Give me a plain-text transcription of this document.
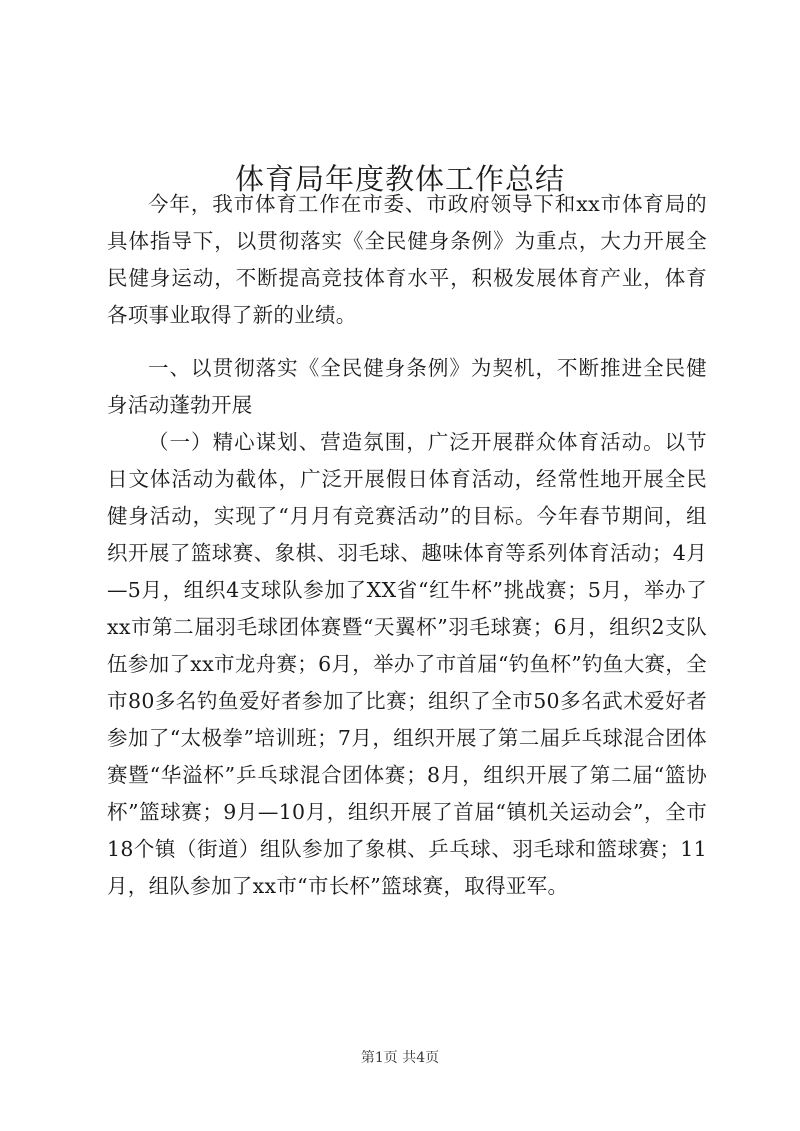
体育局年度教体工作总结

今年，我市体育工作在市委、市政府领导下和xx市体育局的具体指导下，以贯彻落实《全民健身条例》为重点，大力开展全民健身运动，不断提高竞技体育水平，积极发展体育产业，体育各项事业取得了新的业绩。

一、以贯彻落实《全民健身条例》为契机，不断推进全民健身活动蓬勃开展

（一）精心谋划、营造氛围，广泛开展群众体育活动。以节日文体活动为截体，广泛开展假日体育活动，经常性地开展全民健身活动，实现了“月月有竞赛活动”的目标。今年春节期间，组织开展了篮球赛、象棋、羽毛球、趣味体育等系列体育活动；4月—5月，组织4支球队参加了XX省“红牛杯”挑战赛；5月，举办了xx市第二届羽毛球团体赛暨“天翼杯”羽毛球赛；6月，组织2支队伍参加了xx市龙舟赛；6月，举办了市首届“钓鱼杯”钓鱼大赛，全市80多名钓鱼爱好者参加了比赛；组织了全市50多名武术爱好者参加了“太极拳”培训班；7月，组织开展了第二届乒乓球混合团体赛暨“华溢杯”乒乓球混合团体赛；8月，组织开展了第二届“篮协杯”篮球赛；9月—10月，组织开展了首届“镇机关运动会”，全市18个镇（街道）组队参加了象棋、乒乓球、羽毛球和篮球赛；11月，组队参加了xx市“市长杯”篮球赛，取得亚军。

第1页 共4页
